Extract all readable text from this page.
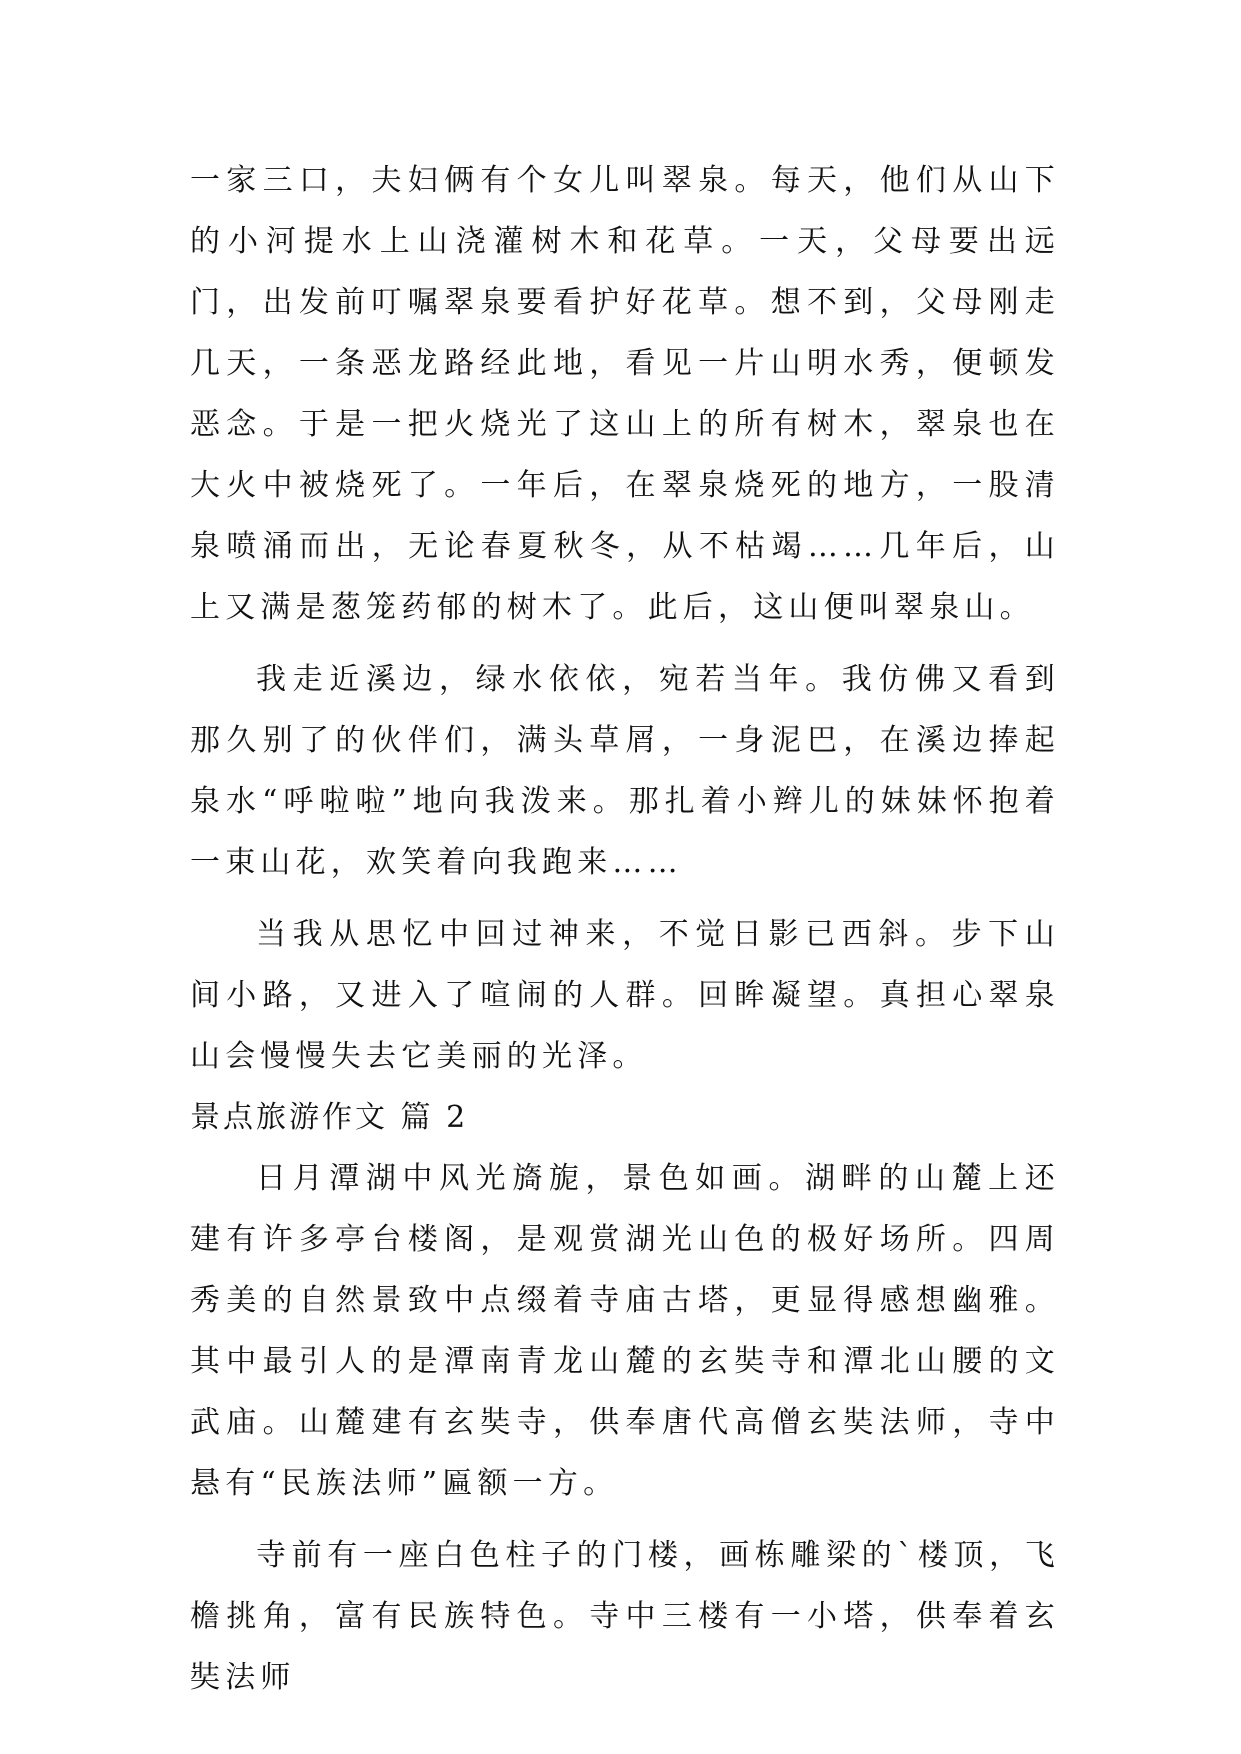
一家三口，夫妇俩有个女儿叫翠泉。每天，他们从山下的小河提水上山浇灌树木和花草。一天，父母要出远门，出发前叮嘱翠泉要看护好花草。想不到，父母刚走几天，一条恶龙路经此地，看见一片山明水秀，便顿发恶念。于是一把火烧光了这山上的所有树木，翠泉也在大火中被烧死了。一年后，在翠泉烧死的地方，一股清泉喷涌而出，无论春夏秋冬，从不枯竭……几年后，山上又满是葱笼药郁的树木了。此后，这山便叫翠泉山。

我走近溪边，绿水依依，宛若当年。我仿佛又看到那久别了的伙伴们，满头草屑，一身泥巴，在溪边捧起泉水“呼啦啦”地向我泼来。那扎着小辫儿的妹妹怀抱着一束山花，欢笑着向我跑来……

当我从思忆中回过神来，不觉日影已西斜。步下山间小路，又进入了喧闹的人群。回眸凝望。真担心翠泉山会慢慢失去它美丽的光泽。

景点旅游作文 篇 2

日月潭湖中风光旖旎，景色如画。湖畔的山麓上还建有许多亭台楼阁，是观赏湖光山色的极好场所。四周秀美的自然景致中点缀着寺庙古塔，更显得感想幽雅。其中最引人的是潭南青龙山麓的玄奘寺和潭北山腰的文武庙。山麓建有玄奘寺，供奉唐代高僧玄奘法师，寺中悬有“民族法师”匾额一方。

寺前有一座白色柱子的门楼，画栋雕梁的`楼顶，飞檐挑角，富有民族特色。寺中三楼有一小塔，供奉着玄奘法师
